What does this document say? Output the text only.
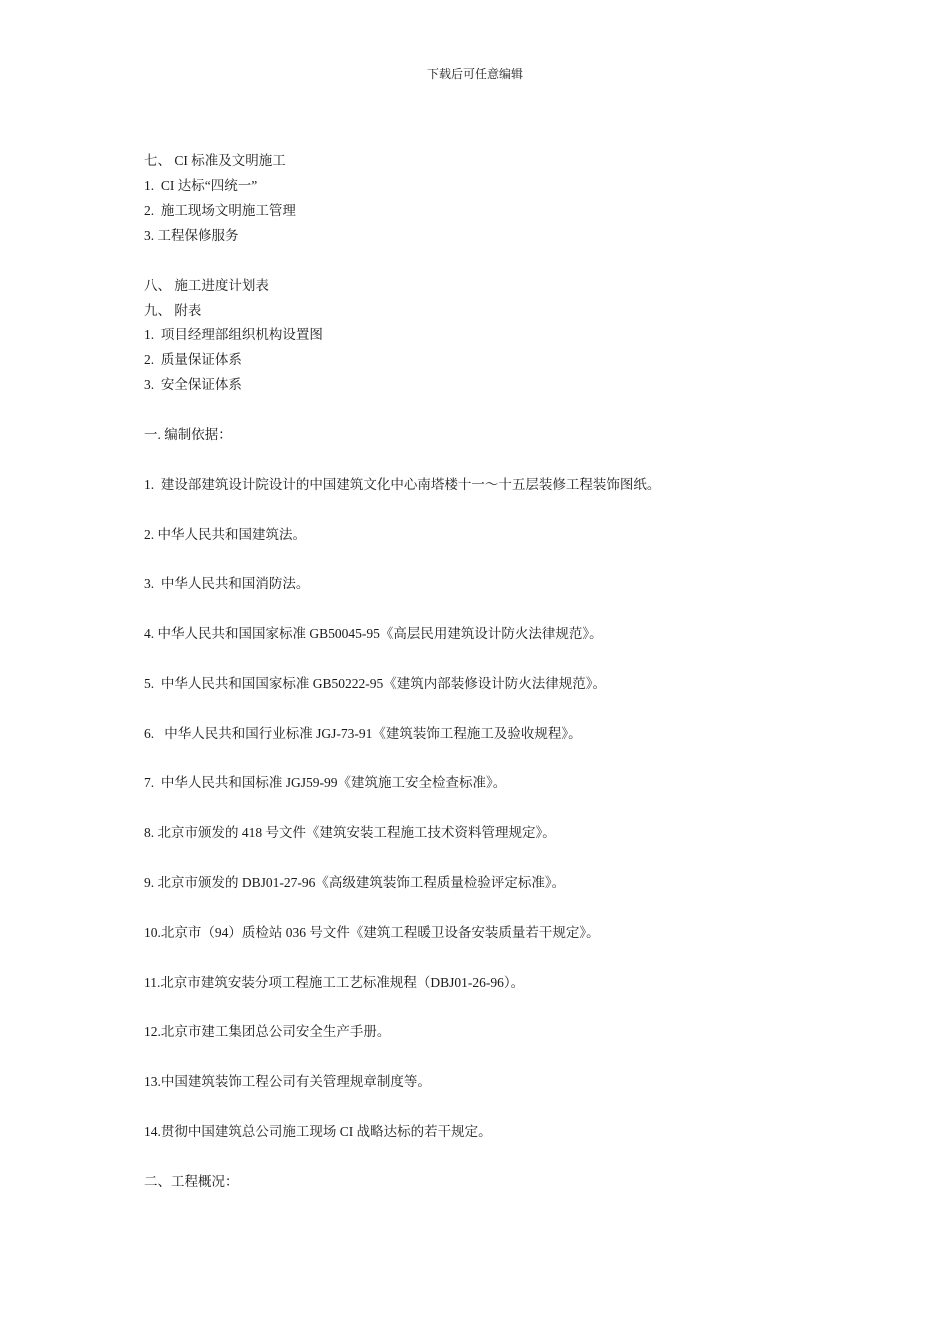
下载后可任意编辑
七、 CI 标准及文明施工
1.  CI 达标“四统一”
2.  施工现场文明施工管理
3. 工程保修服务
八、 施工进度计划表
九、 附表
1.  项目经理部组织机构设置图
2.  质量保证体系
3.  安全保证体系
一. 编制依据：
1.  建设部建筑设计院设计的中国建筑文化中心南塔楼十一～十五层装修工程装饰图纸。
2. 中华人民共和国建筑法。
3.  中华人民共和国消防法。
4. 中华人民共和国国家标准 GB50045-95《高层民用建筑设计防火法律规范》。
5.  中华人民共和国国家标准 GB50222-95《建筑内部装修设计防火法律规范》。
6.   中华人民共和国行业标准 JGJ-73-91《建筑装饰工程施工及验收规程》。
7.  中华人民共和国标准 JGJ59-99《建筑施工安全检查标准》。
8. 北京市颁发的 418 号文件《建筑安装工程施工技术资料管理规定》。
9. 北京市颁发的 DBJ01-27-96《高级建筑装饰工程质量检验评定标准》。
10.北京市（94）质检站 036 号文件《建筑工程暖卫设备安装质量若干规定》。
11.北京市建筑安装分项工程施工工艺标准规程（DBJ01-26-96）。
12.北京市建工集团总公司安全生产手册。
13.中国建筑装饰工程公司有关管理规章制度等。
14.贯彻中国建筑总公司施工现场 CI 战略达标的若干规定。
二、工程概况：
